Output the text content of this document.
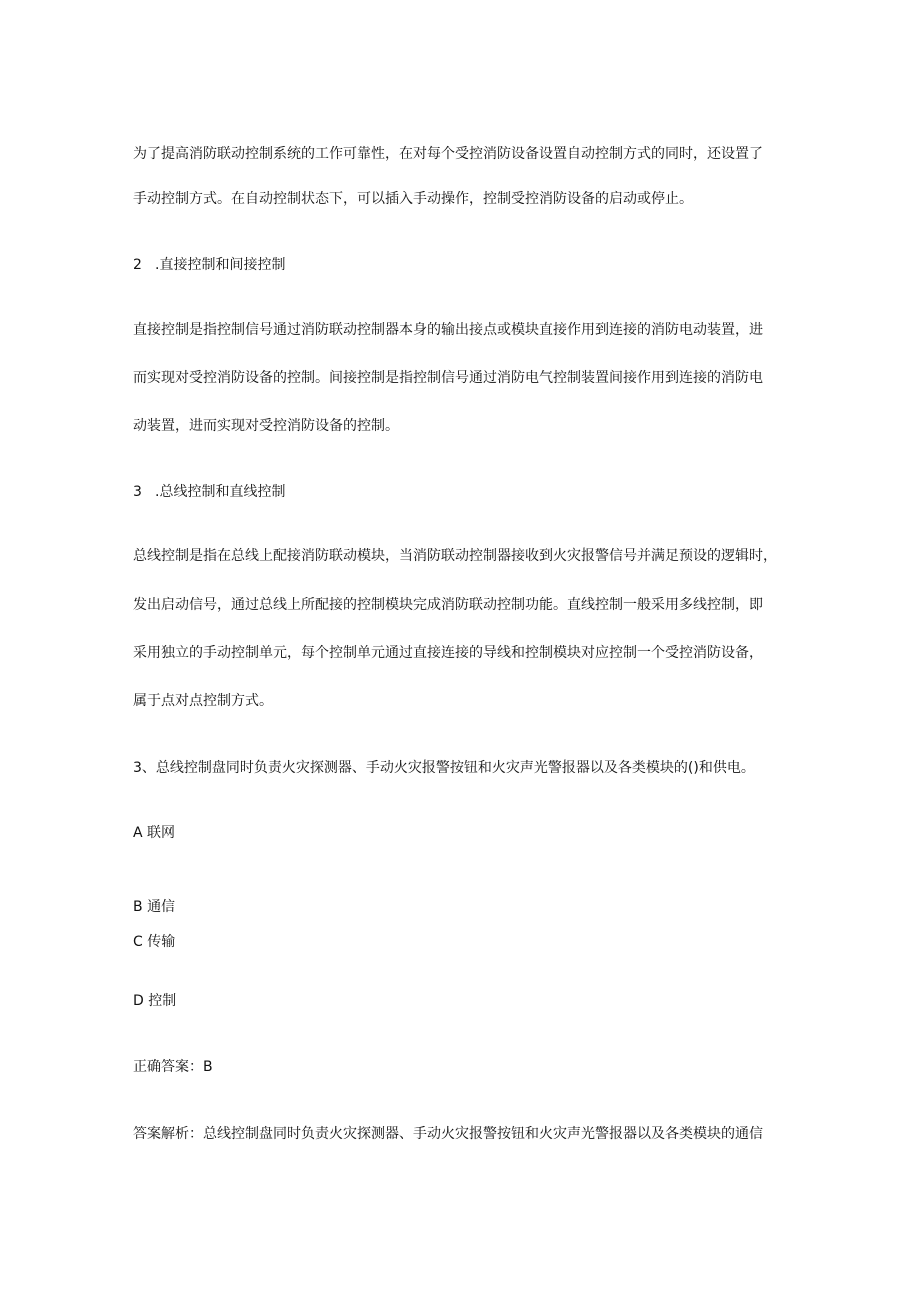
为了提高消防联动控制系统的工作可靠性，在对每个受控消防设备设置自动控制方式的同时，还设置了
手动控制方式。在自动控制状态下，可以插入手动操作，控制受控消防设备的启动或停止。
2 .直接控制和间接控制
直接控制是指控制信号通过消防联动控制器本身的输出接点或模块直接作用到连接的消防电动装置，进
而实现对受控消防设备的控制。间接控制是指控制信号通过消防电气控制装置间接作用到连接的消防电
动装置，进而实现对受控消防设备的控制。
3 .总线控制和直线控制
总线控制是指在总线上配接消防联动模块，当消防联动控制器接收到火灾报警信号并满足预设的逻辑时，
发出启动信号，通过总线上所配接的控制模块完成消防联动控制功能。直线控制一般采用多线控制，即
采用独立的手动控制单元，每个控制单元通过直接连接的导线和控制模块对应控制一个受控消防设备，
属于点对点控制方式。
3、总线控制盘同时负责火灾探测器、手动火灾报警按钮和火灾声光警报器以及各类模块的()和供电。
A 联网
B 通信
C 传输
D 控制
正确答案：B
答案解析：总线控制盘同时负责火灾探测器、手动火灾报警按钮和火灾声光警报器以及各类模块的通信
